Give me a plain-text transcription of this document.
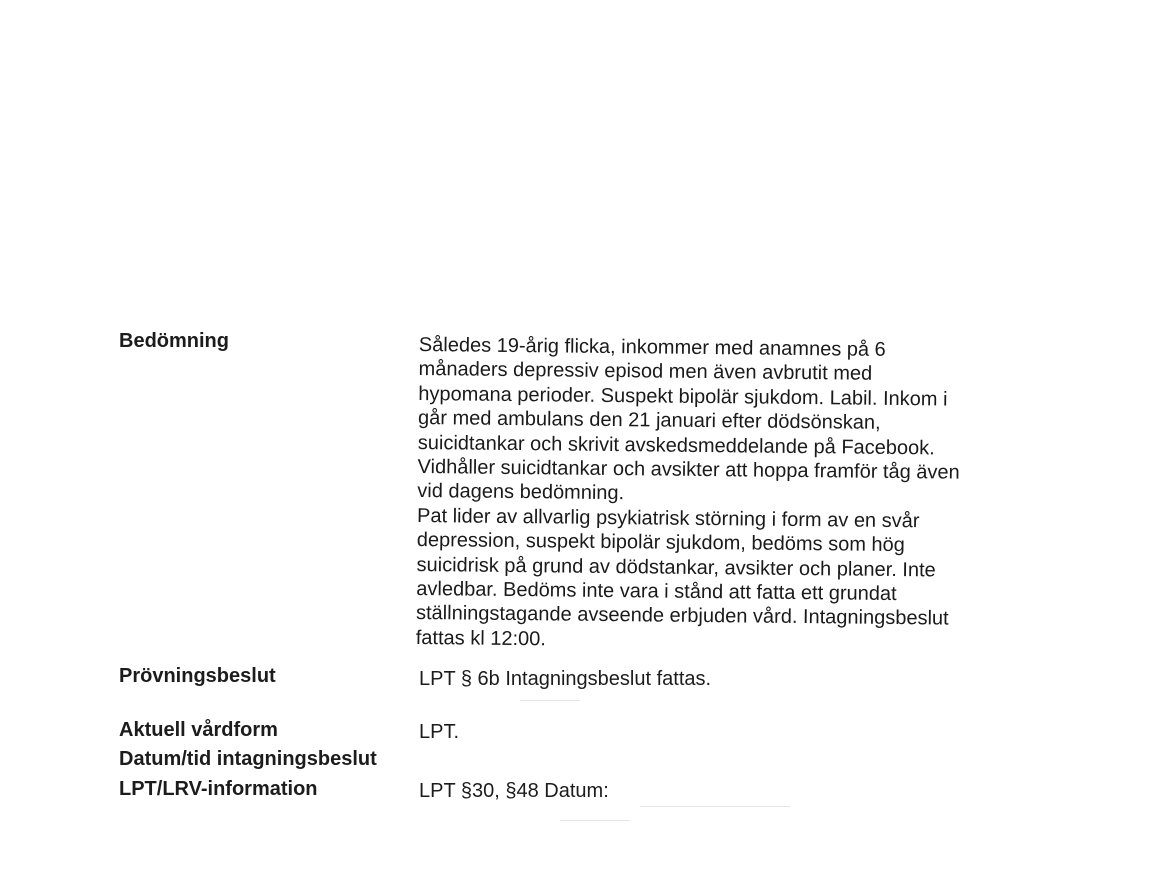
Bedömning	Således 19-årig flicka, inkommer med anamnes på 6
månaders depressiv episod men även avbrutit med
hypomana perioder. Suspekt bipolär sjukdom. Labil. Inkom i
går med ambulans den 21 januari efter dödsönskan,
suicidtankar och skrivit avskedsmeddelande på Facebook.
Vidhåller suicidtankar och avsikter att hoppa framför tåg även
vid dagens bedömning.
Pat lider av allvarlig psykiatrisk störning i form av en svår
depression, suspekt bipolär sjukdom, bedöms som hög
suicidrisk på grund av dödstankar, avsikter och planer. Inte
avledbar. Bedöms inte vara i stånd att fatta ett grundat
ställningstagande avseende erbjuden vård. Intagningsbeslut
fattas kl 12:00.
Prövningsbeslut	LPT § 6b Intagningsbeslut fattas.
Aktuell vårdform	LPT.
Datum/tid intagningsbeslut
LPT/LRV-information	LPT §30, §48 Datum:
